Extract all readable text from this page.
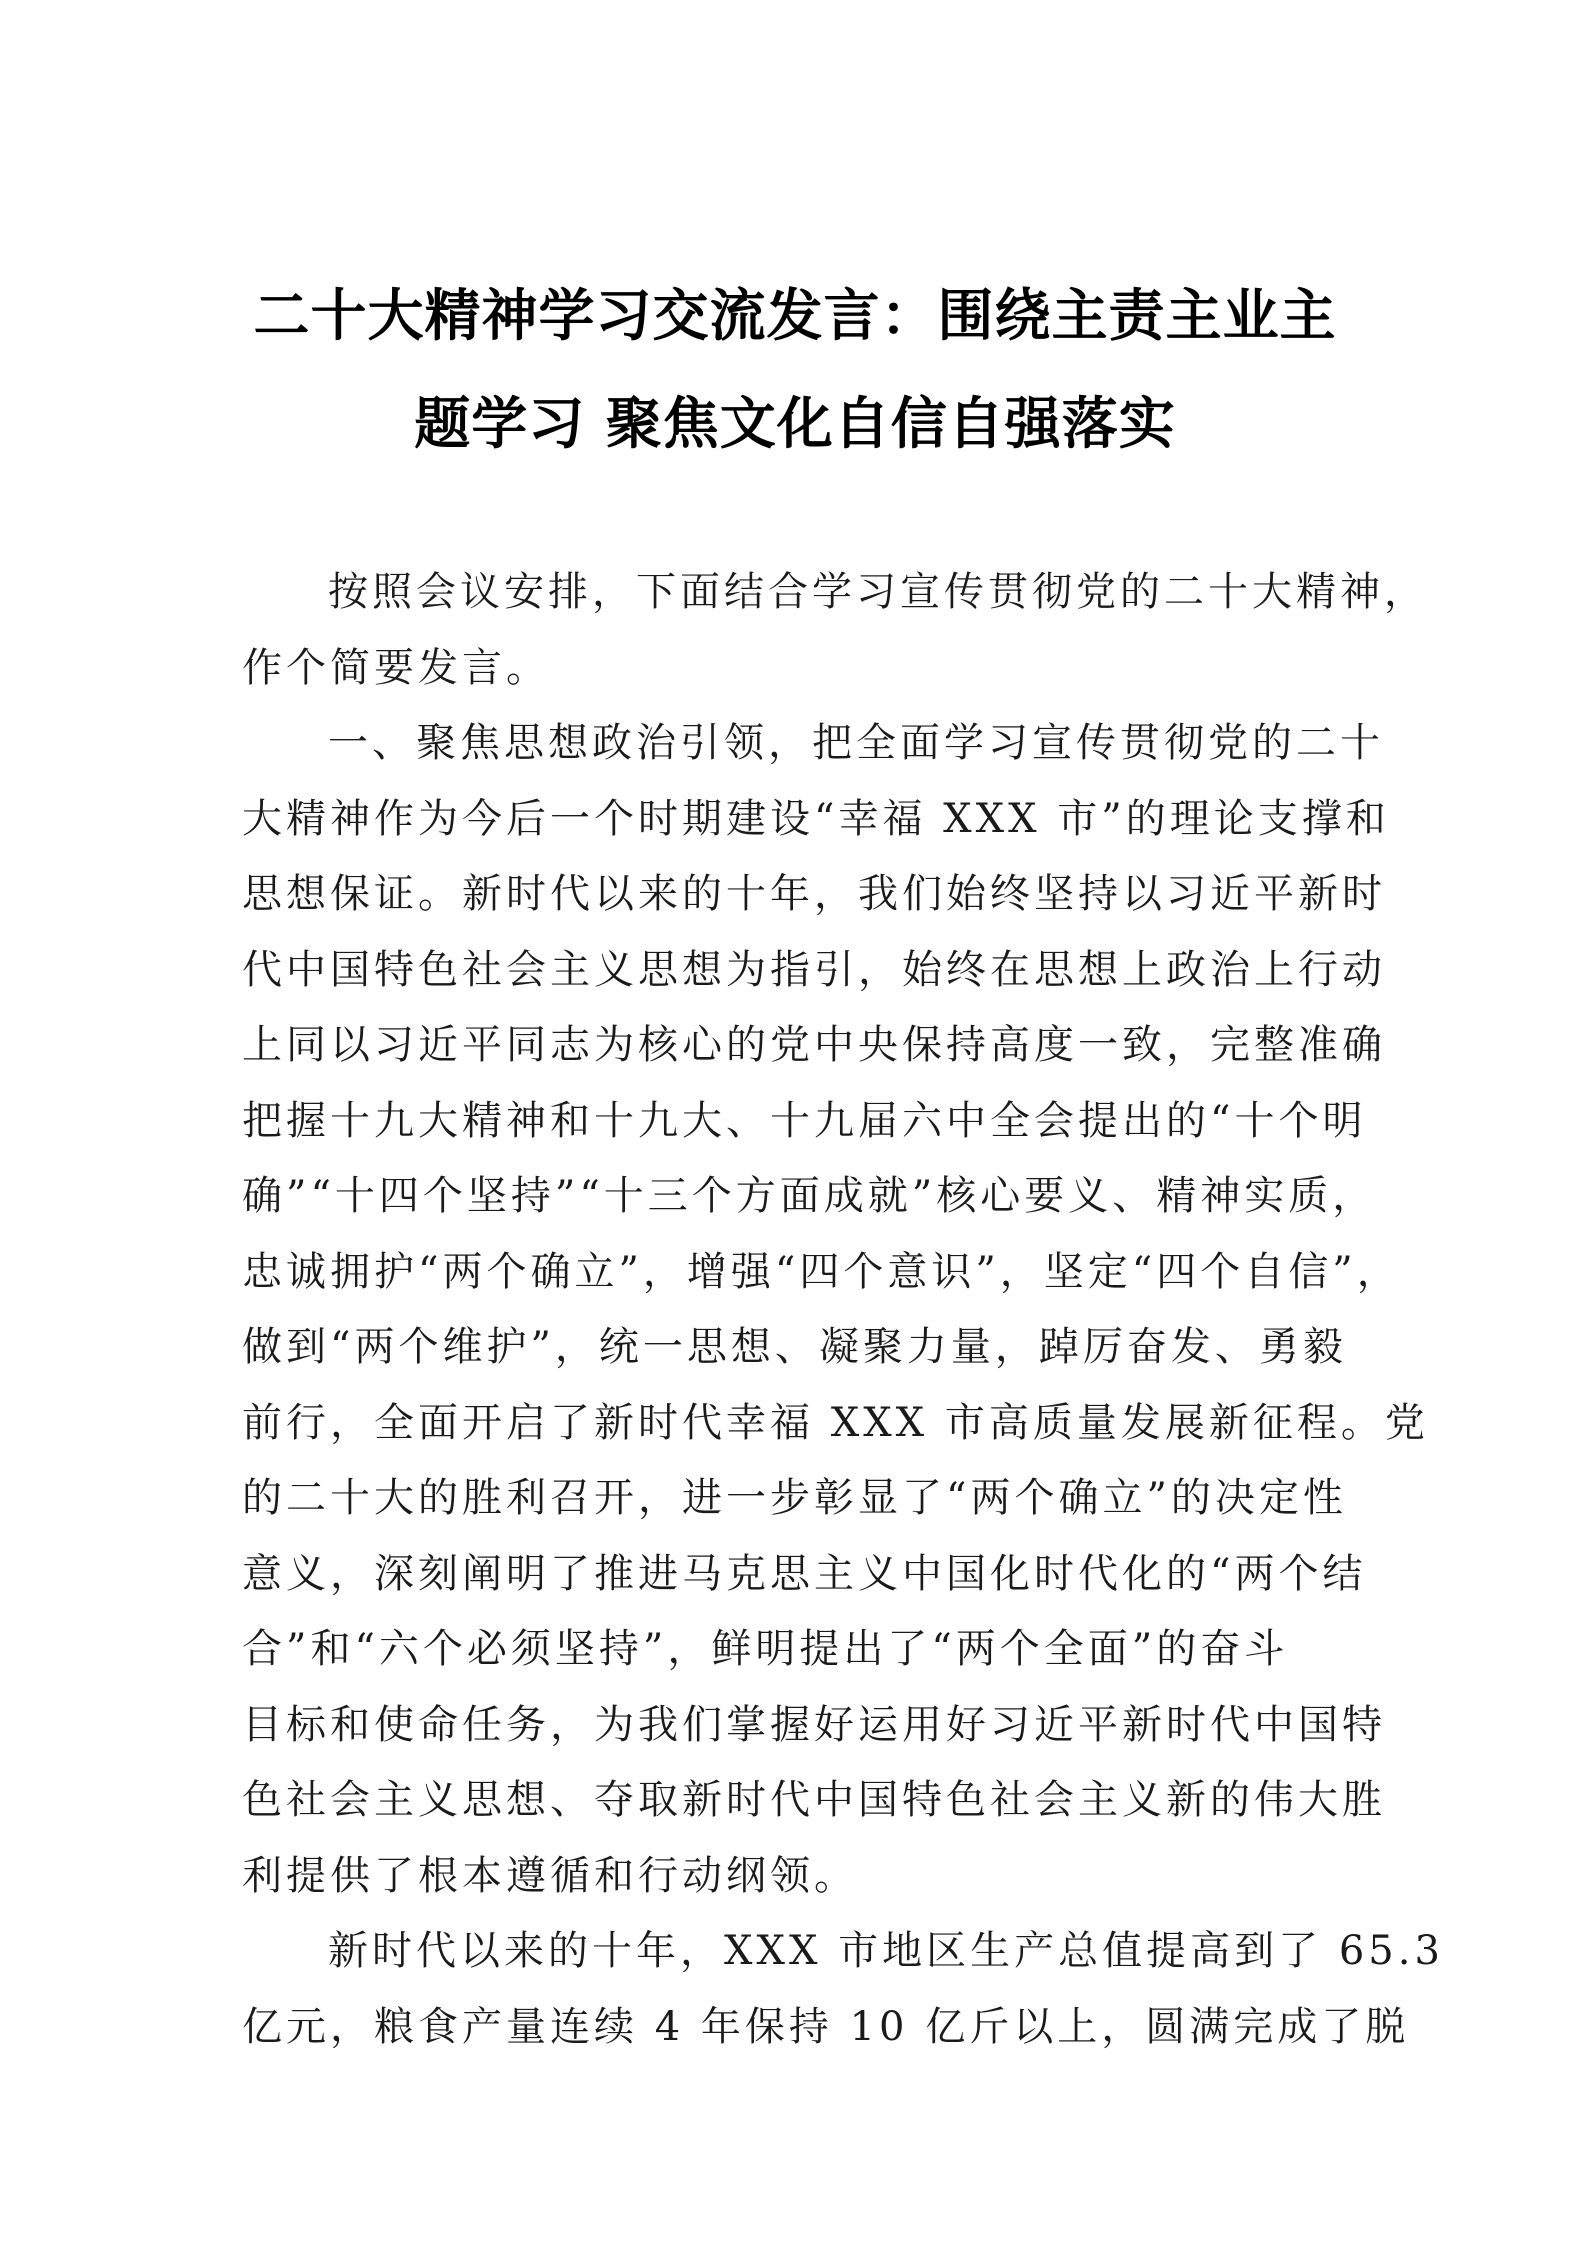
二十大精神学习交流发言：围绕主责主业主
题学习 聚焦文化自信自强落实
按照会议安排，下面结合学习宣传贯彻党的二十大精神，
作个简要发言。
一、聚焦思想政治引领，把全面学习宣传贯彻党的二十
大精神作为今后一个时期建设“幸福 XXX 市”的理论支撑和
思想保证。新时代以来的十年，我们始终坚持以习近平新时
代中国特色社会主义思想为指引，始终在思想上政治上行动
上同以习近平同志为核心的党中央保持高度一致，完整准确
把握十九大精神和十九大、十九届六中全会提出的“十个明
确”“十四个坚持”“十三个方面成就”核心要义、精神实质，
忠诚拥护“两个确立”，增强“四个意识”，坚定“四个自信”，
做到“两个维护”，统一思想、凝聚力量，踔厉奋发、勇毅
前行，全面开启了新时代幸福 XXX 市高质量发展新征程。党
的二十大的胜利召开，进一步彰显了“两个确立”的决定性
意义，深刻阐明了推进马克思主义中国化时代化的“两个结
合”和“六个必须坚持”，鲜明提出了“两个全面”的奋斗
目标和使命任务，为我们掌握好运用好习近平新时代中国特
色社会主义思想、夺取新时代中国特色社会主义新的伟大胜
利提供了根本遵循和行动纲领。
新时代以来的十年，XXX 市地区生产总值提高到了 65.3
亿元，粮食产量连续 4 年保持 10 亿斤以上，圆满完成了脱
